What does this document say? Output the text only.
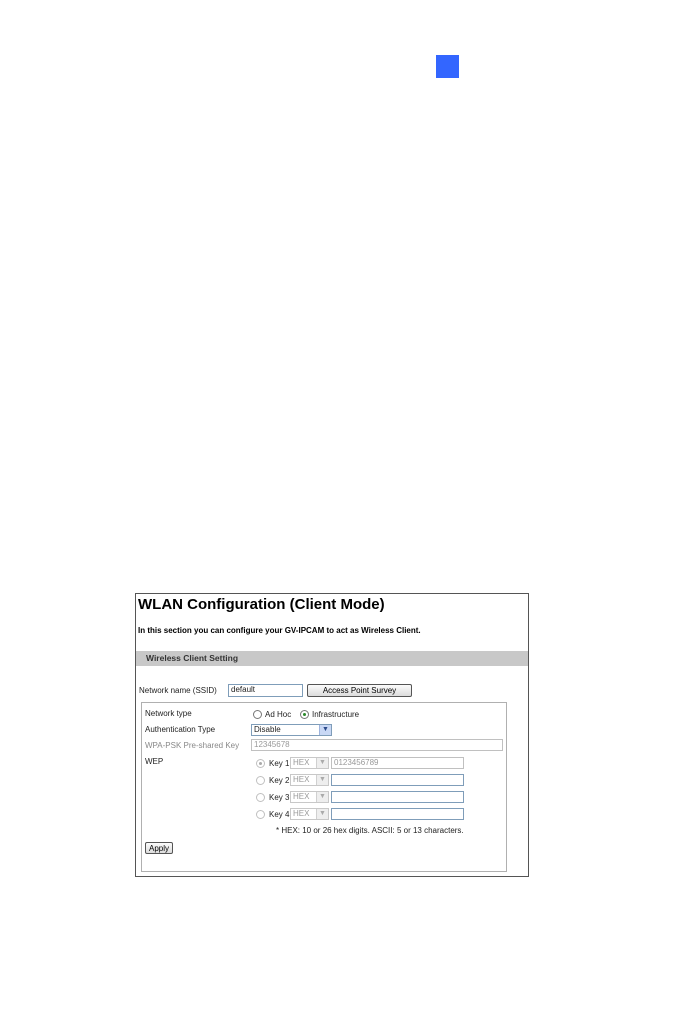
WLAN Configuration (Client Mode)
In this section you can configure your GV-IPCAM to act as Wireless Client.
Wireless Client Setting
Network name (SSID)	default	Access Point Survey
Network type	Ad Hoc	Infrastructure
Authentication Type	Disable	▼
WPA-PSK Pre-shared Key	12345678
WEP	Key 1 HEX	▼	0123456789
Key 2 HEX	▼
Key 3 HEX	▼
Key 4 HEX	▼
* HEX: 10 or 26 hex digits. ASCII: 5 or 13 characters.
Apply
